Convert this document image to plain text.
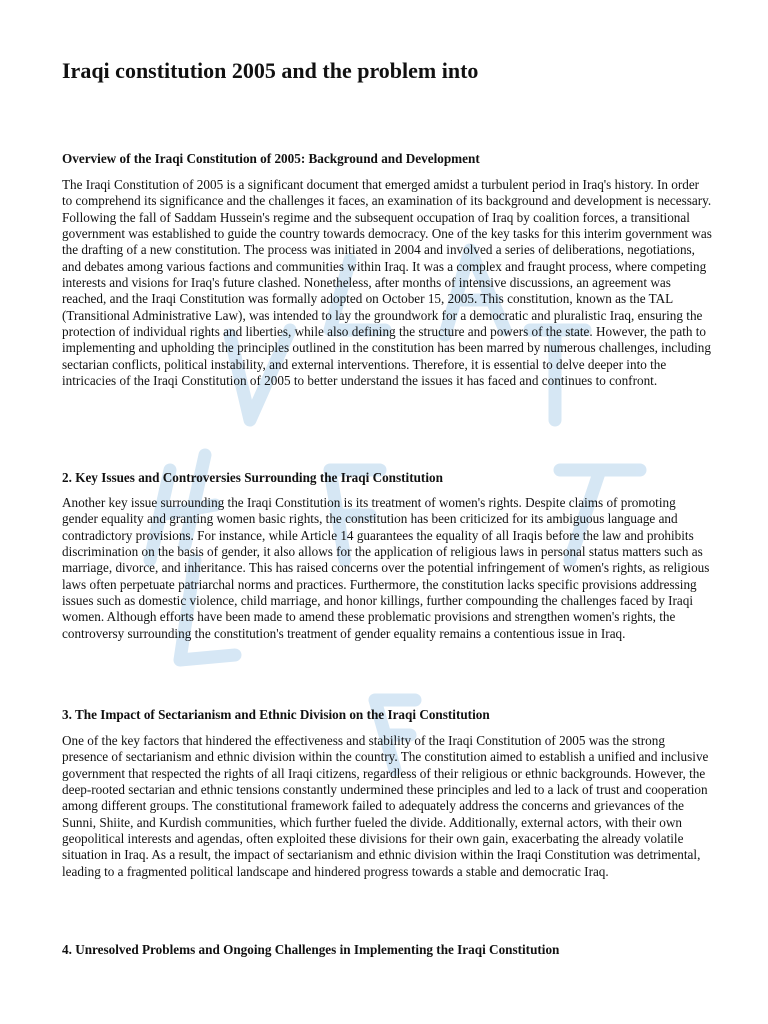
Iraqi constitution 2005 and the problem into
Overview of the Iraqi Constitution of 2005: Background and Development

The Iraqi Constitution of 2005 is a significant document that emerged amidst a turbulent period in Iraq's history. In order to comprehend its significance and the challenges it faces, an examination of its background and development is necessary. Following the fall of Saddam Hussein's regime and the subsequent occupation of Iraq by coalition forces, a transitional government was established to guide the country towards democracy. One of the key tasks for this interim government was the drafting of a new constitution. The process was initiated in 2004 and involved a series of deliberations, negotiations, and debates among various factions and communities within Iraq. It was a complex and fraught process, where competing interests and visions for Iraq's future clashed. Nonetheless, after months of intensive discussions, an agreement was reached, and the Iraqi Constitution was formally adopted on October 15, 2005. This constitution, known as the TAL (Transitional Administrative Law), was intended to lay the groundwork for a democratic and pluralistic Iraq, ensuring the protection of individual rights and liberties, while also defining the structure and powers of the state. However, the path to implementing and upholding the principles outlined in the constitution has been marred by numerous challenges, including sectarian conflicts, political instability, and external interventions. Therefore, it is essential to delve deeper into the intricacies of the Iraqi Constitution of 2005 to better understand the issues it has faced and continues to confront.

2. Key Issues and Controversies Surrounding the Iraqi Constitution

Another key issue surrounding the Iraqi Constitution is its treatment of women's rights. Despite claims of promoting gender equality and granting women basic rights, the constitution has been criticized for its ambiguous language and contradictory provisions. For instance, while Article 14 guarantees the equality of all Iraqis before the law and prohibits discrimination on the basis of gender, it also allows for the application of religious laws in personal status matters such as marriage, divorce, and inheritance. This has raised concerns over the potential infringement of women's rights, as religious laws often perpetuate patriarchal norms and practices. Furthermore, the constitution lacks specific provisions addressing issues such as domestic violence, child marriage, and honor killings, further compounding the challenges faced by Iraqi women. Although efforts have been made to amend these problematic provisions and strengthen women's rights, the controversy surrounding the constitution's treatment of gender equality remains a contentious issue in Iraq.

3. The Impact of Sectarianism and Ethnic Division on the Iraqi Constitution

One of the key factors that hindered the effectiveness and stability of the Iraqi Constitution of 2005 was the strong presence of sectarianism and ethnic division within the country. The constitution aimed to establish a unified and inclusive government that respected the rights of all Iraqi citizens, regardless of their religious or ethnic backgrounds. However, the deep-rooted sectarian and ethnic tensions constantly undermined these principles and led to a lack of trust and cooperation among different groups. The constitutional framework failed to adequately address the concerns and grievances of the Sunni, Shiite, and Kurdish communities, which further fueled the divide. Additionally, external actors, with their own geopolitical interests and agendas, often exploited these divisions for their own gain, exacerbating the already volatile situation in Iraq. As a result, the impact of sectarianism and ethnic division within the Iraqi Constitution was detrimental, leading to a fragmented political landscape and hindered progress towards a stable and democratic Iraq.

4. Unresolved Problems and Ongoing Challenges in Implementing the Iraqi Constitution
